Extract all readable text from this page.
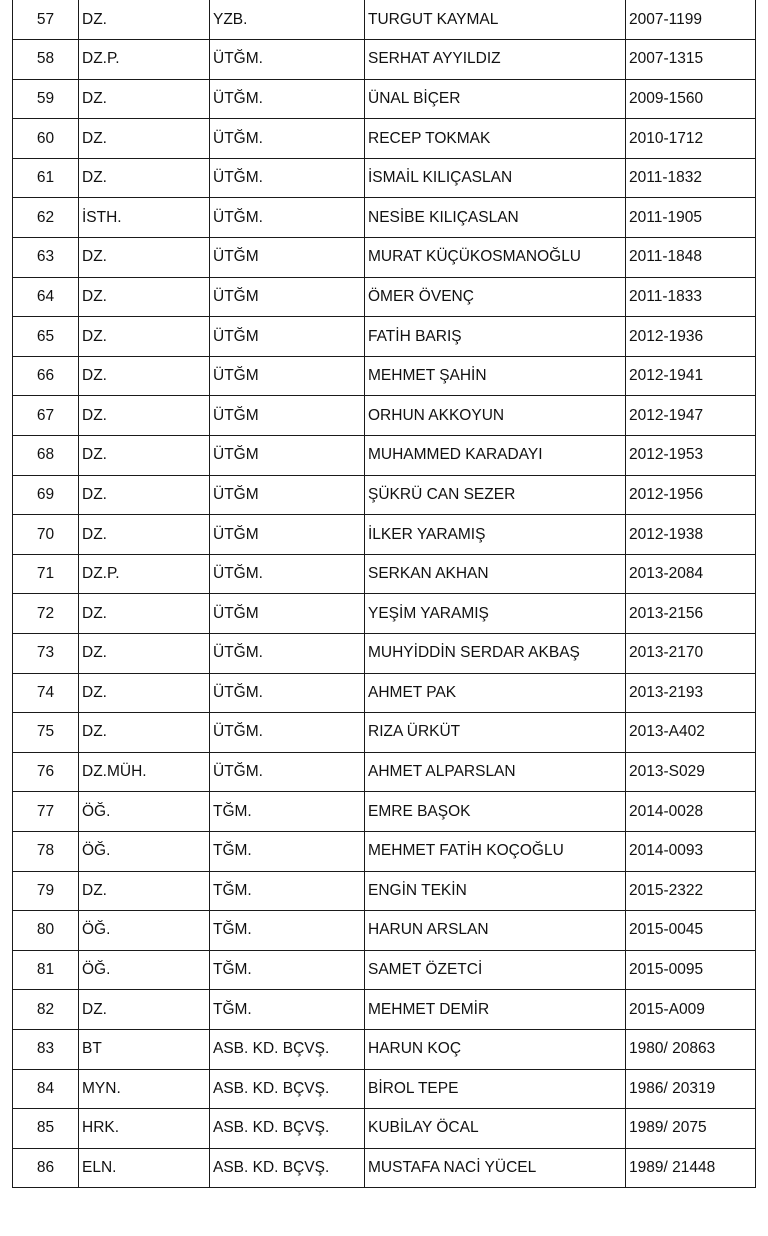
57	DZ.	YZB.	TURGUT KAYMAL	2007-1199
58	DZ.P.	ÜTĞM.	SERHAT AYYILDIZ	2007-1315
59	DZ.	ÜTĞM.	ÜNAL BİÇER	2009-1560
60	DZ.	ÜTĞM.	RECEP TOKMAK	2010-1712
61	DZ.	ÜTĞM.	İSMAİL KILIÇASLAN	2011-1832
62	İSTH.	ÜTĞM.	NESİBE KILIÇASLAN	2011-1905
63	DZ.	ÜTĞM	MURAT KÜÇÜKOSMANOĞLU	2011-1848
64	DZ.	ÜTĞM	ÖMER ÖVENÇ	2011-1833
65	DZ.	ÜTĞM	FATİH BARIŞ	2012-1936
66	DZ.	ÜTĞM	MEHMET ŞAHİN	2012-1941
67	DZ.	ÜTĞM	ORHUN AKKOYUN	2012-1947
68	DZ.	ÜTĞM	MUHAMMED KARADAYI	2012-1953
69	DZ.	ÜTĞM	ŞÜKRÜ CAN SEZER	2012-1956
70	DZ.	ÜTĞM	İLKER YARAMIŞ	2012-1938
71	DZ.P.	ÜTĞM.	SERKAN AKHAN	2013-2084
72	DZ.	ÜTĞM	YEŞİM YARAMIŞ	2013-2156
73	DZ.	ÜTĞM.	MUHYİDDİN SERDAR AKBAŞ	2013-2170
74	DZ.	ÜTĞM.	AHMET PAK	2013-2193
75	DZ.	ÜTĞM.	RIZA ÜRKÜT	2013-A402
76	DZ.MÜH.	ÜTĞM.	AHMET ALPARSLAN	2013-S029
77	ÖĞ.	TĞM.	EMRE BAŞOK	2014-0028
78	ÖĞ.	TĞM.	MEHMET FATİH KOÇOĞLU	2014-0093
79	DZ.	TĞM.	ENGİN TEKİN	2015-2322
80	ÖĞ.	TĞM.	HARUN ARSLAN	2015-0045
81	ÖĞ.	TĞM.	SAMET ÖZETCİ	2015-0095
82	DZ.	TĞM.	MEHMET DEMİR	2015-A009
83	BT	ASB. KD. BÇVŞ.	HARUN KOÇ	1980/ 20863
84	MYN.	ASB. KD. BÇVŞ.	BİROL TEPE	1986/ 20319
85	HRK.	ASB. KD. BÇVŞ.	KUBİLAY ÖCAL	1989/ 2075
86	ELN.	ASB. KD. BÇVŞ.	MUSTAFA NACİ YÜCEL	1989/ 21448
